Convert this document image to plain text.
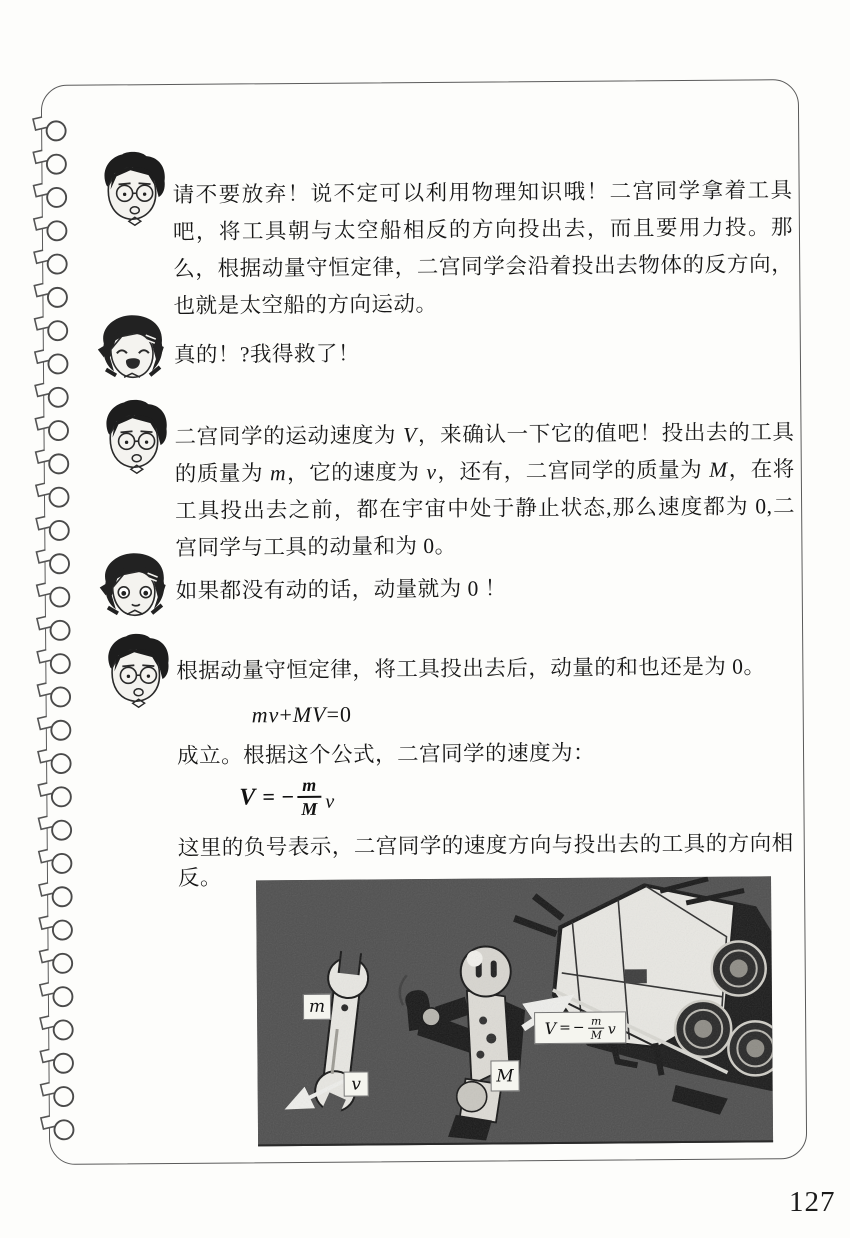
请不要放弃！说不定可以利用物理知识哦！二宫同学拿着工具吧，将工具朝与太空船相反的方向投出去，而且要用力投。那么，根据动量守恒定律，二宫同学会沿着投出去物体的反方向，也就是太空船的方向运动。
真的！?我得救了！
二宫同学的运动速度为 V，来确认一下它的值吧！投出去的工具的质量为 m，它的速度为 v，还有，二宫同学的质量为 M，在将工具投出去之前，都在宇宙中处于静止状态,那么速度都为 0,二宫同学与工具的动量和为 0。
如果都没有动的话，动量就为 0 ！
根据动量守恒定律，将工具投出去后，动量的和也还是为 0。
mv+MV=0
成立。根据这个公式，二宫同学的速度为：
V = − $\frac{m}{M}$ v
这里的负号表示，二宫同学的速度方向与投出去的工具的方向相反。
m
v	M
V = − $\frac{m}{M}$ v
127
